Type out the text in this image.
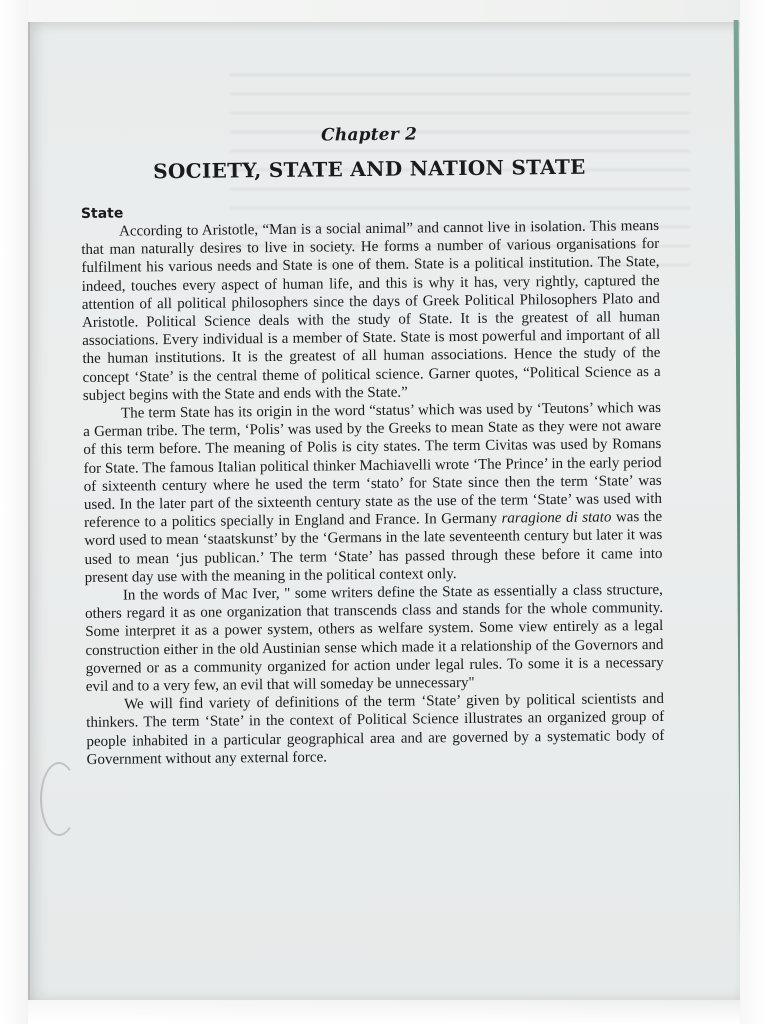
Chapter 2
SOCIETY, STATE AND NATION STATE
State

According to Aristotle, “Man is a social animal” and cannot live in isolation. This means that man naturally desires to live in society. He forms a number of various organisations for fulfilment his various needs and State is one of them. State is a political institution. The State, indeed, touches every aspect of human life, and this is why it has, very rightly, captured the attention of all political philosophers since the days of Greek Political Philosophers Plato and Aristotle. Political Science deals with the study of State. It is the greatest of all human associations. Every individual is a member of State. State is most powerful and important of all the human institutions. It is the greatest of all human associations. Hence the study of the concept ‘State’ is the central theme of political science. Garner quotes, “Political Science as a subject begins with the State and ends with the State.”

The term State has its origin in the word “status’ which was used by ‘Teutons’ which was a German tribe. The term, ‘Polis’ was used by the Greeks to mean State as they were not aware of this term before. The meaning of Polis is city states. The term Civitas was used by Romans for State. The famous Italian political thinker Machiavelli wrote ‘The Prince’ in the early period of sixteenth century where he used the term ‘stato’ for State since then the term ‘State’ was used. In the later part of the sixteenth century state as the use of the term ‘State’ was used with reference to a politics specially in England and France. In Germany raragione di stato was the word used to mean ‘staatskunst’ by the ‘Germans in the late seventeenth century but later it was used to mean ‘jus publican.’ The term ‘State’ has passed through these before it came into present day use with the meaning in the political context only.

In the words of Mac Iver, " some writers define the State as essentially a class structure, others regard it as one organization that transcends class and stands for the whole community. Some interpret it as a power system, others as welfare system. Some view entirely as a legal construction either in the old Austinian sense which made it a relationship of the Governors and governed or as a community organized for action under legal rules. To some it is a necessary evil and to a very few, an evil that will someday be unnecessary"

We will find variety of definitions of the term ‘State’ given by political scientists and thinkers. The term ‘State’ in the context of Political Science illustrates an organized group of people inhabited in a particular geographical area and are governed by a systematic body of Government without any external force.
